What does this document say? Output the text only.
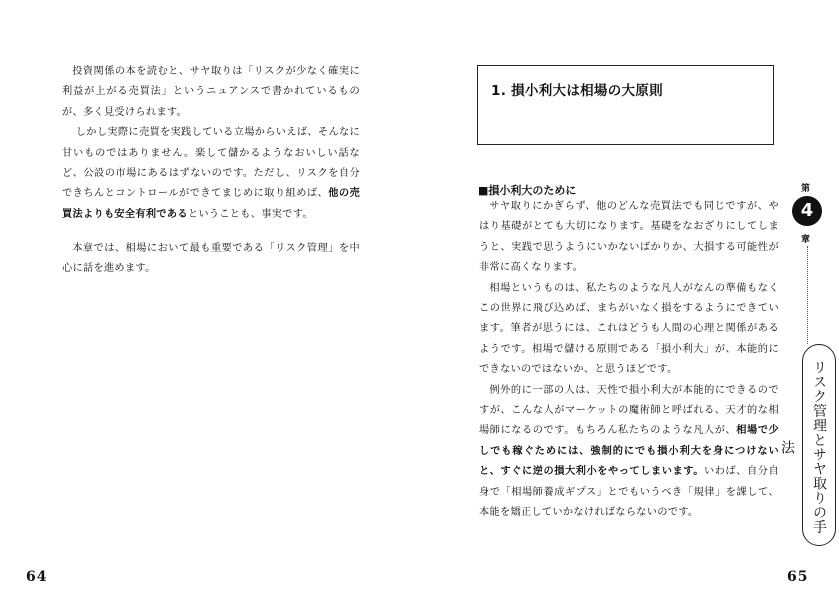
投資関係の本を読むと、サヤ取りは「リスクが少なく確実に利益が上がる売買法」というニュアンスで書かれているものが、多く見受けられます。
しかし実際に売買を実践している立場からいえば、そんなに甘いものではありません。楽して儲かるようなおいしい話など、公設の市場にあるはずないのです。ただし、リスクを自分できちんとコントロールができてまじめに取り組めば、他の売買法よりも安全有利であるということも、事実です。

本章では、相場において最も重要である「リスク管理」を中心に話を進めます。

64
1. 損小利大は相場の大原則
■損小利大のために

サヤ取りにかぎらず、他のどんな売買法でも同じですが、やはり基礎がとても大切になります。基礎をなおざりにしてしまうと、実践で思うようにいかないばかりか、大損する可能性が非常に高くなります。
相場というものは、私たちのような凡人がなんの準備もなくこの世界に飛び込めば、まちがいなく損をするようにできています。筆者が思うには、これはどうも人間の心理と関係があるようです。相場で儲ける原則である「損小利大」が、本能的にできないのではないか、と思うほどです。
例外的に一部の人は、天性で損小利大が本能的にできるのですが、こんな人がマーケットの魔術師と呼ばれる、天才的な相場師になるのです。もちろん私たちのような凡人が、相場で少しでも稼ぐためには、強制的にでも損小利大を身につけないと、すぐに逆の損大利小をやってしまいます。いわば、自分自身で「相場師養成ギプス」とでもいうべき「規律」を課して、本能を矯正していかなければならないのです。

第
4
章
リスク管理とサヤ取りの手法
65
